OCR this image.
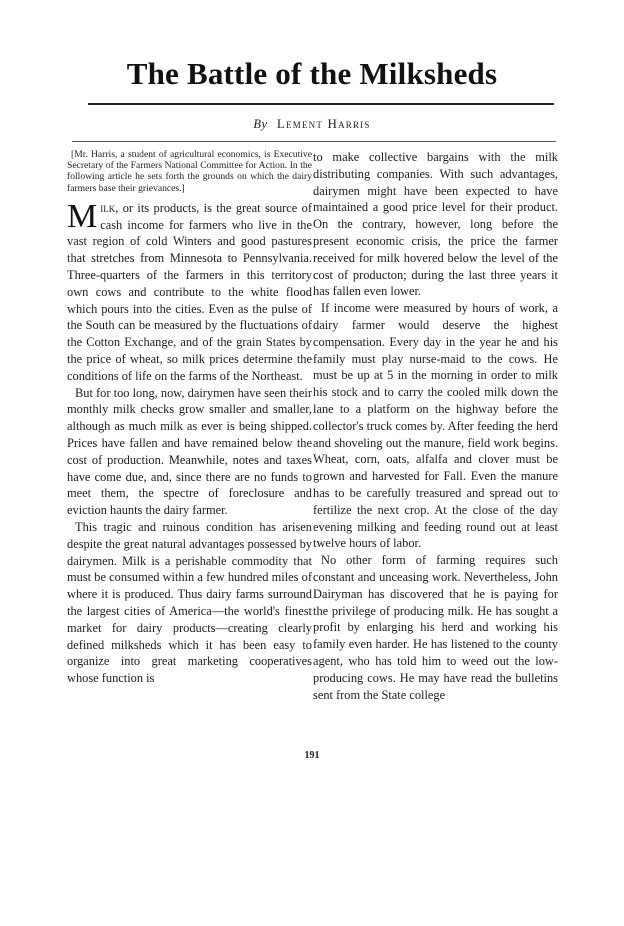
The Battle of the Milksheds
By Lement Harris

[Mr. Harris, a student of agricultural economics, is Executive Secretary of the Farmers National Committee for Action. In the following article he sets forth the grounds on which the dairy farmers base their grievances.]

Milk, or its products, is the great source of cash income for farmers who live in the vast region of cold Winters and good pastures that stretches from Minnesota to Pennsylvania. Three-quarters of the farmers in this territory own cows and contribute to the white flood which pours into the cities. Even as the pulse of the South can be measured by the fluctuations of the Cotton Exchange, and of the grain States by the price of wheat, so milk prices determine the conditions of life on the farms of the Northeast.

But for too long, now, dairymen have seen their monthly milk checks grow smaller and smaller, although as much milk as ever is being shipped. Prices have fallen and have remained below the cost of production. Meanwhile, notes and taxes have come due, and, since there are no funds to meet them, the spectre of foreclosure and eviction haunts the dairy farmer.

This tragic and ruinous condition has arisen despite the great natural advantages possessed by dairymen. Milk is a perishable commodity that must be consumed within a few hundred miles of where it is produced. Thus dairy farms surround the largest cities of America—the world's finest market for dairy products—creating clearly defined milksheds which it has been easy to organize into great marketing cooperatives whose function is

to make collective bargains with the milk distributing companies. With such advantages, dairymen might have been expected to have maintained a good price level for their product. On the contrary, however, long before the present economic crisis, the price the farmer received for milk hovered below the level of the cost of producton; during the last three years it has fallen even lower.

If income were measured by hours of work, a dairy farmer would deserve the highest compensation. Every day in the year he and his family must play nurse-maid to the cows. He must be up at 5 in the morning in order to milk his stock and to carry the cooled milk down the lane to a platform on the highway before the collector's truck comes by. After feeding the herd and shoveling out the manure, field work begins. Wheat, corn, oats, alfalfa and clover must be grown and harvested for Fall. Even the manure has to be carefully treasured and spread out to fertilize the next crop. At the close of the day evening milking and feeding round out at least twelve hours of labor.

No other form of farming requires such constant and unceasing work. Nevertheless, John Dairyman has discovered that he is paying for the privilege of producing milk. He has sought a profit by enlarging his herd and working his family even harder. He has listened to the county agent, who has told him to weed out the low-producing cows. He may have read the bulletins sent from the State college

191
